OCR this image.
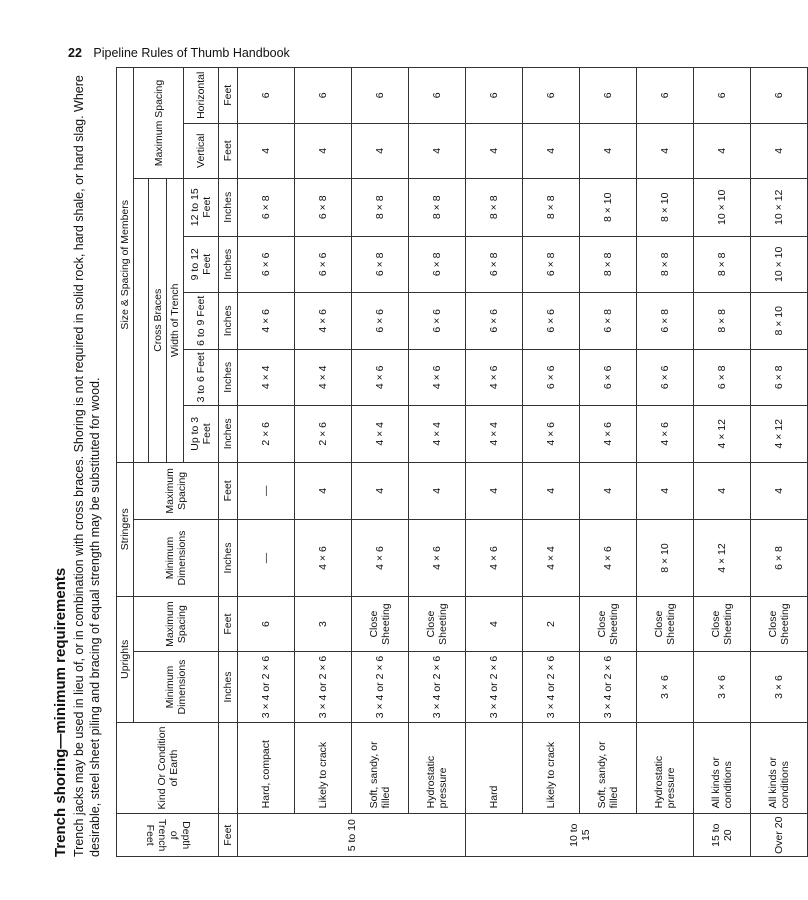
22 Pipeline Rules of Thumb Handbook
Trench shoring—minimum requirements Trench jacks may be used in lieu of, or in combination with cross braces. Shoring is not required in solid rock, hard shale, or hard slag. Where desirable, steel sheet piling and bracing of equal strength may be substituted for wood.	Depth of Trench Feet	Kind Or Condition of Earth	Uprights		Stringers		Size & Spacing of Members						
		Minimum Dimensions	Maximum Spacing	Minimum Dimensions	Maximum Spacing						Maximum Spacing	
						Cross Braces						
						Width of Trench						
						Up to 3 Feet	3 to 6 Feet	6 to 9 Feet	9 to 12 Feet	12 to 15 Feet	Vertical	Horizontal
Feet		Inches	Feet	Inches	Feet	Inches	Inches	Inches	Inches	Inches	Feet	Feet
5 to 10	Hard, compact	3 × 4 or 2 × 6	6	—	—	2 × 6	4 × 4	4 × 6	6 × 6	6 × 8	4	6
	Likely to crack	3 × 4 or 2 × 6	3	4 × 6	4	2 × 6	4 × 4	4 × 6	6 × 6	6 × 8	4	6
	Soft, sandy, or filled	3 × 4 or 2 × 6	Close Sheeting	4 × 6	4	4 × 4	4 × 6	6 × 6	6 × 8	8 × 8	4	6
	Hydrostatic pressure	3 × 4 or 2 × 6	Close Sheeting	4 × 6	4	4 × 4	4 × 6	6 × 6	6 × 8	8 × 8	4	6
10 to 15	Hard	3 × 4 or 2 × 6	4	4 × 6	4	4 × 4	4 × 6	6 × 6	6 × 8	8 × 8	4	6
	Likely to crack	3 × 4 or 2 × 6	2	4 × 4	4	4 × 6	6 × 6	6 × 6	6 × 8	8 × 8	4	6
	Soft, sandy, or filled	3 × 4 or 2 × 6	Close Sheeting	4 × 6	4	4 × 6	6 × 6	6 × 8	8 × 8	8 × 10	4	6
	Hydrostatic pressure	3 × 6	Close Sheeting	8 × 10	4	4 × 6	6 × 6	6 × 8	8 × 8	8 × 10	4	6
15 to 20	All kinds or conditions	3 × 6	Close Sheeting	4 × 12	4	4 × 12	6 × 8	8 × 8	8 × 8	10 × 10	4	6
Over 20	All kinds or conditions	3 × 6	Close Sheeting	6 × 8	4	4 × 12	6 × 8	8 × 10	10 × 10	10 × 12	4	6
